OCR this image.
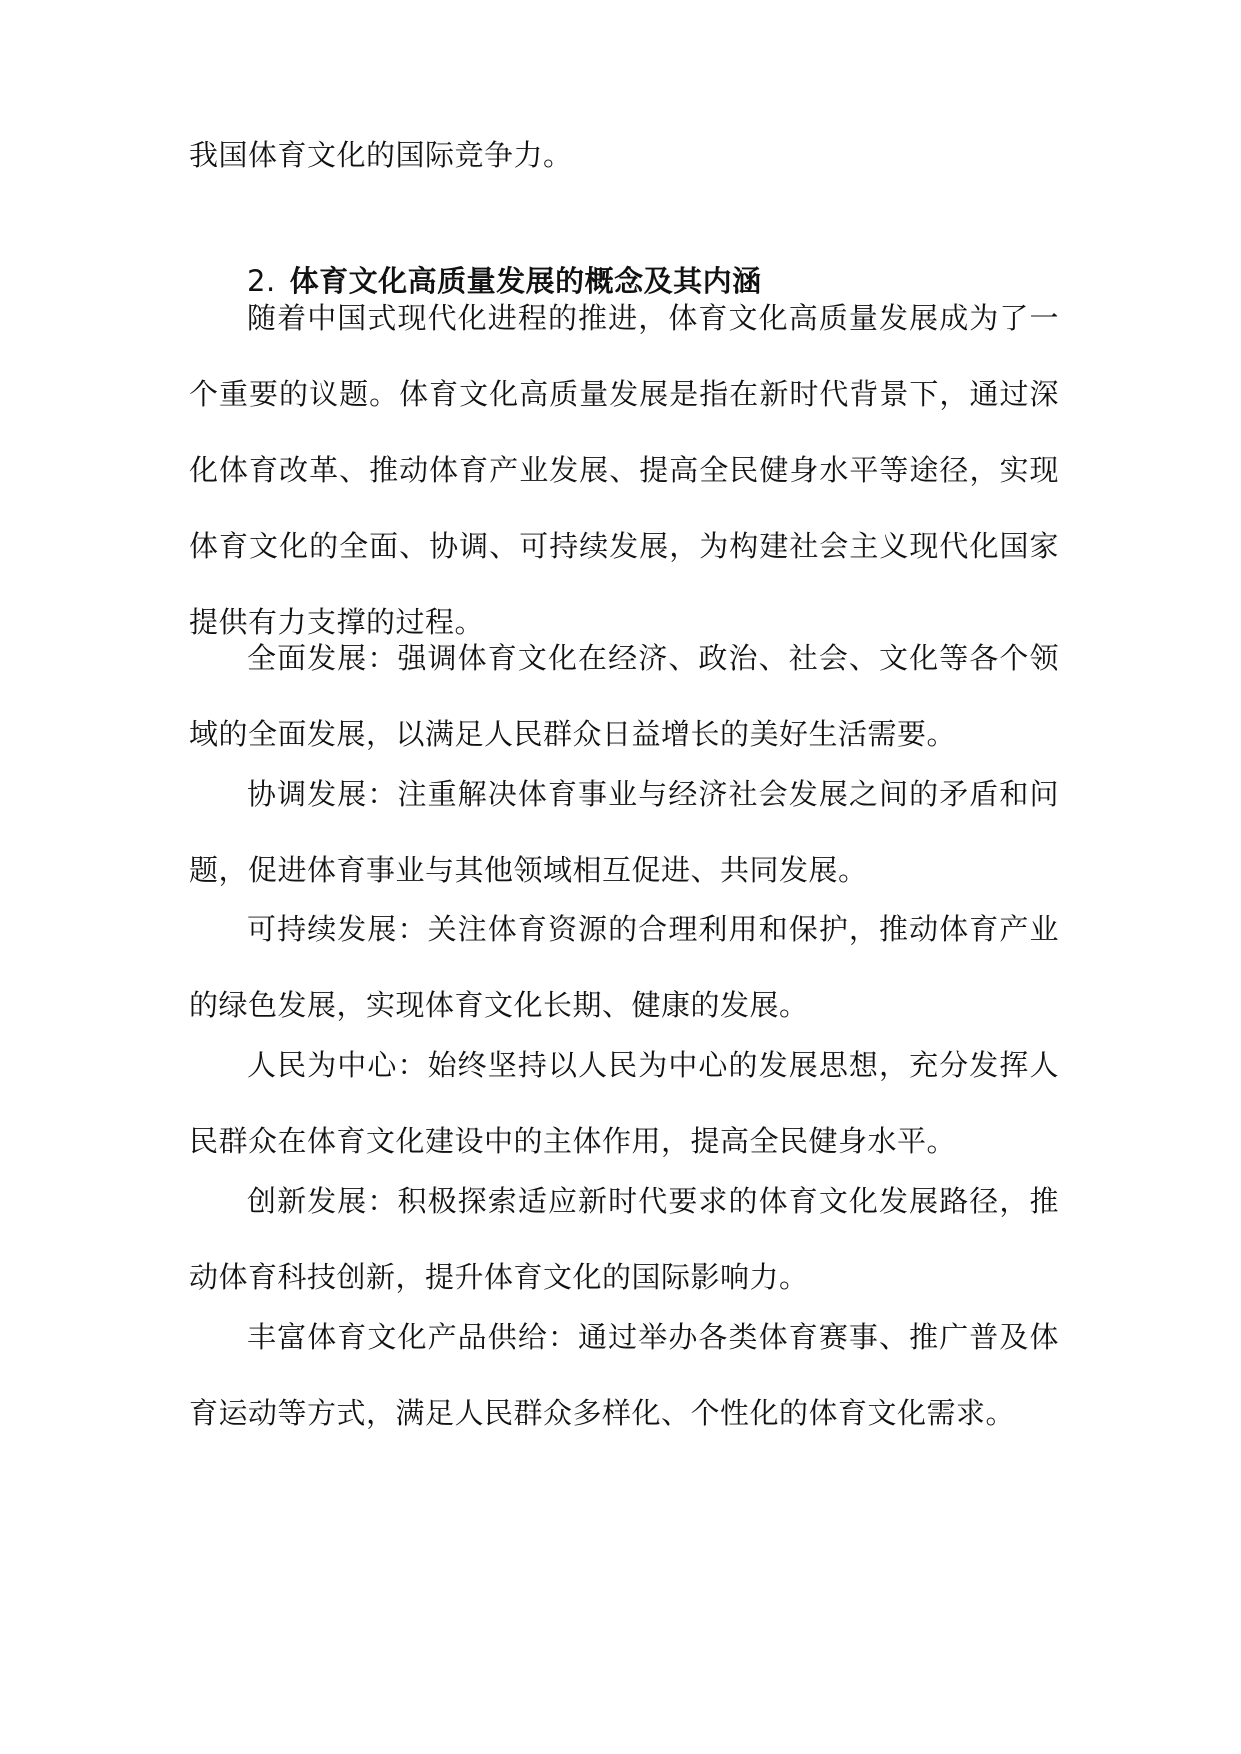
我国体育文化的国际竞争力。

2. 体育文化高质量发展的概念及其内涵

随着中国式现代化进程的推进，体育文化高质量发展成为了一个重要的议题。体育文化高质量发展是指在新时代背景下，通过深化体育改革、推动体育产业发展、提高全民健身水平等途径，实现体育文化的全面、协调、可持续发展，为构建社会主义现代化国家提供有力支撑的过程。

全面发展：强调体育文化在经济、政治、社会、文化等各个领域的全面发展，以满足人民群众日益增长的美好生活需要。

协调发展：注重解决体育事业与经济社会发展之间的矛盾和问题，促进体育事业与其他领域相互促进、共同发展。

可持续发展：关注体育资源的合理利用和保护，推动体育产业的绿色发展，实现体育文化长期、健康的发展。

人民为中心：始终坚持以人民为中心的发展思想，充分发挥人民群众在体育文化建设中的主体作用，提高全民健身水平。

创新发展：积极探索适应新时代要求的体育文化发展路径，推动体育科技创新，提升体育文化的国际影响力。

丰富体育文化产品供给：通过举办各类体育赛事、推广普及体育运动等方式，满足人民群众多样化、个性化的体育文化需求。
